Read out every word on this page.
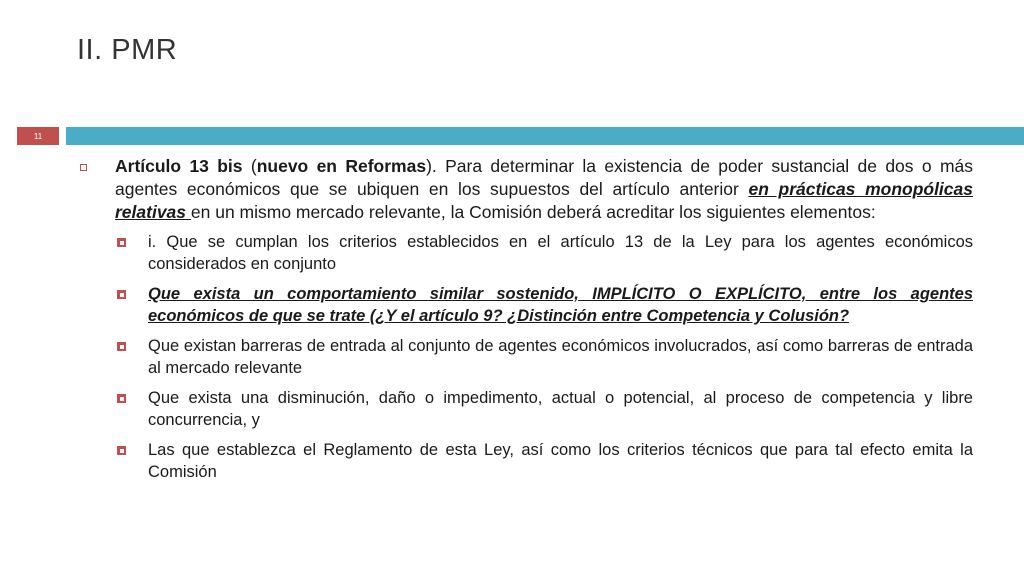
II. PMR
11
Artículo 13 bis (nuevo en Reformas). Para determinar la existencia de poder sustancial de dos o más agentes económicos que se ubiquen en los supuestos del artículo anterior en prácticas monopólicas relativas en un mismo mercado relevante, la Comisión deberá acreditar los siguientes elementos:
i. Que se cumplan los criterios establecidos en el artículo 13 de la Ley para los agentes económicos considerados en conjunto
Que exista un comportamiento similar sostenido, IMPLÍCITO O EXPLÍCITO, entre los agentes económicos de que se trate (¿Y el artículo 9? ¿Distinción entre Competencia y Colusión?
Que existan barreras de entrada al conjunto de agentes económicos involucrados, así como barreras de entrada al mercado relevante
Que exista una disminución, daño o impedimento, actual o potencial, al proceso de competencia y libre concurrencia, y
Las que establezca el Reglamento de esta Ley, así como los criterios técnicos que para tal efecto emita la Comisión
